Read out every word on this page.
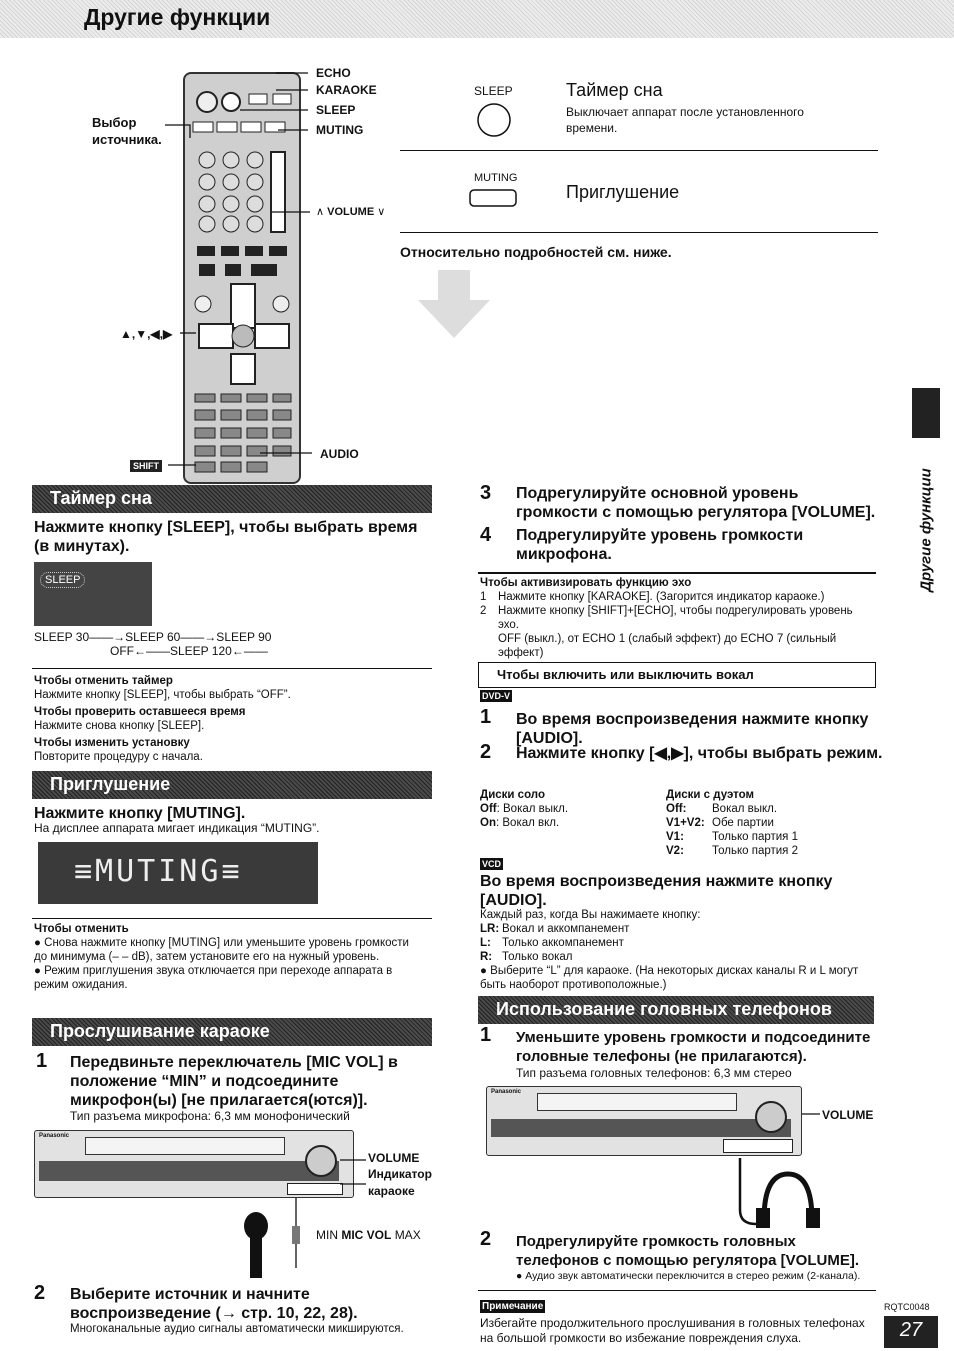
Другие функции
ECHO
KARAOKE
SLEEP
MUTING
∧ VOLUME ∨
AUDIO
SHIFT
Выбор источника.
▲,▼,◀,▶
SLEEP	Таймер сна
Выключает аппарат после установленного времени.
MUTING
Приглушение
Относительно подробностей см. ниже.
Таймер сна
Нажмите кнопку [SLEEP], чтобы выбрать время (в минутах).
SLEEP
SLEEP 30——→SLEEP 60——→SLEEP 90
OFF←——SLEEP 120←——
Чтобы отменить таймер
Нажмите кнопку [SLEEP], чтобы выбрать “OFF”.
Чтобы проверить оставшееся время
Нажмите снова кнопку [SLEEP].
Чтобы изменить установку
Повторите процедуру с начала.
Приглушение
Нажмите кнопку [MUTING].
На дисплее аппарата мигает индикация “MUTING”.
≡MUTING≡
Чтобы отменить
● Снова нажмите кнопку [MUTING] или уменьшите уровень громкости до минимума (– – dB), затем установите его на нужный уровень.
● Режим приглушения звука отключается при переходе аппарата в режим ожидания.
Прослушивание караоке
1 Передвиньте переключатель [MIC VOL] в положение “MIN” и подсоедините микрофон(ы) [не прилагается(ются)].
Тип разъема микрофона: 6,3 мм монофонический
Panasonic
VOLUME
Индикатор караоке
MIN MIC VOL MAX
2 Выберите источник и начните воспроизведение (→ стр. 10, 22, 28).
Многоканальные аудио сигналы автоматически микшируются.
3 Подрегулируйте основной уровень громкости с помощью регулятора [VOLUME].
4 Подрегулируйте уровень громкости микрофона.
Чтобы активизировать функцию эхо
1	Нажмите кнопку [KARAOKE]. (Загорится индикатор караоке.)
2	Нажмите кнопку [SHIFT]+[ECHO], чтобы подрегулировать уровень эхо.
OFF (выкл.), от ECHO 1 (слабый эффект) до ECHO 7 (сильный эффект)
Чтобы включить или выключить вокал
DVD-V
1 Во время воспроизведения нажмите кнопку [AUDIO].
2 Нажмите кнопку [◀,▶], чтобы выбрать режим.
Диски соло
Off: Вокал выкл.
On: Вокал вкл.
Диски с дуэтом
Off:	Вокал выкл.
V1+V2: Обе партии
V1:	Только партия 1
V2:	Только партия 2
VCD
Во время воспроизведения нажмите кнопку [AUDIO].
Каждый раз, когда Вы нажимаете кнопку:
LR: Вокал и аккомпанемент
L: Только аккомпанемент
R: Только вокал
● Выберите “L” для караоке. (На некоторых дисках каналы R и L могут быть наоборот противоположные.)
Использование головных телефонов
1 Уменьшите уровень громкости и подсоедините головные телефоны (не прилагаются).
Тип разъема головных телефонов: 6,3 мм стерео
Panasonic
VOLUME
2 Подрегулируйте громкость головных телефонов с помощью регулятора [VOLUME].
● Аудио звук автоматически переключится в стерео режим (2-канала).
Примечание
Избегайте продолжительного прослушивания в головных телефонах на большой громкости во избежание повреждения слуха.
Другие функции
RQTC0048
27
